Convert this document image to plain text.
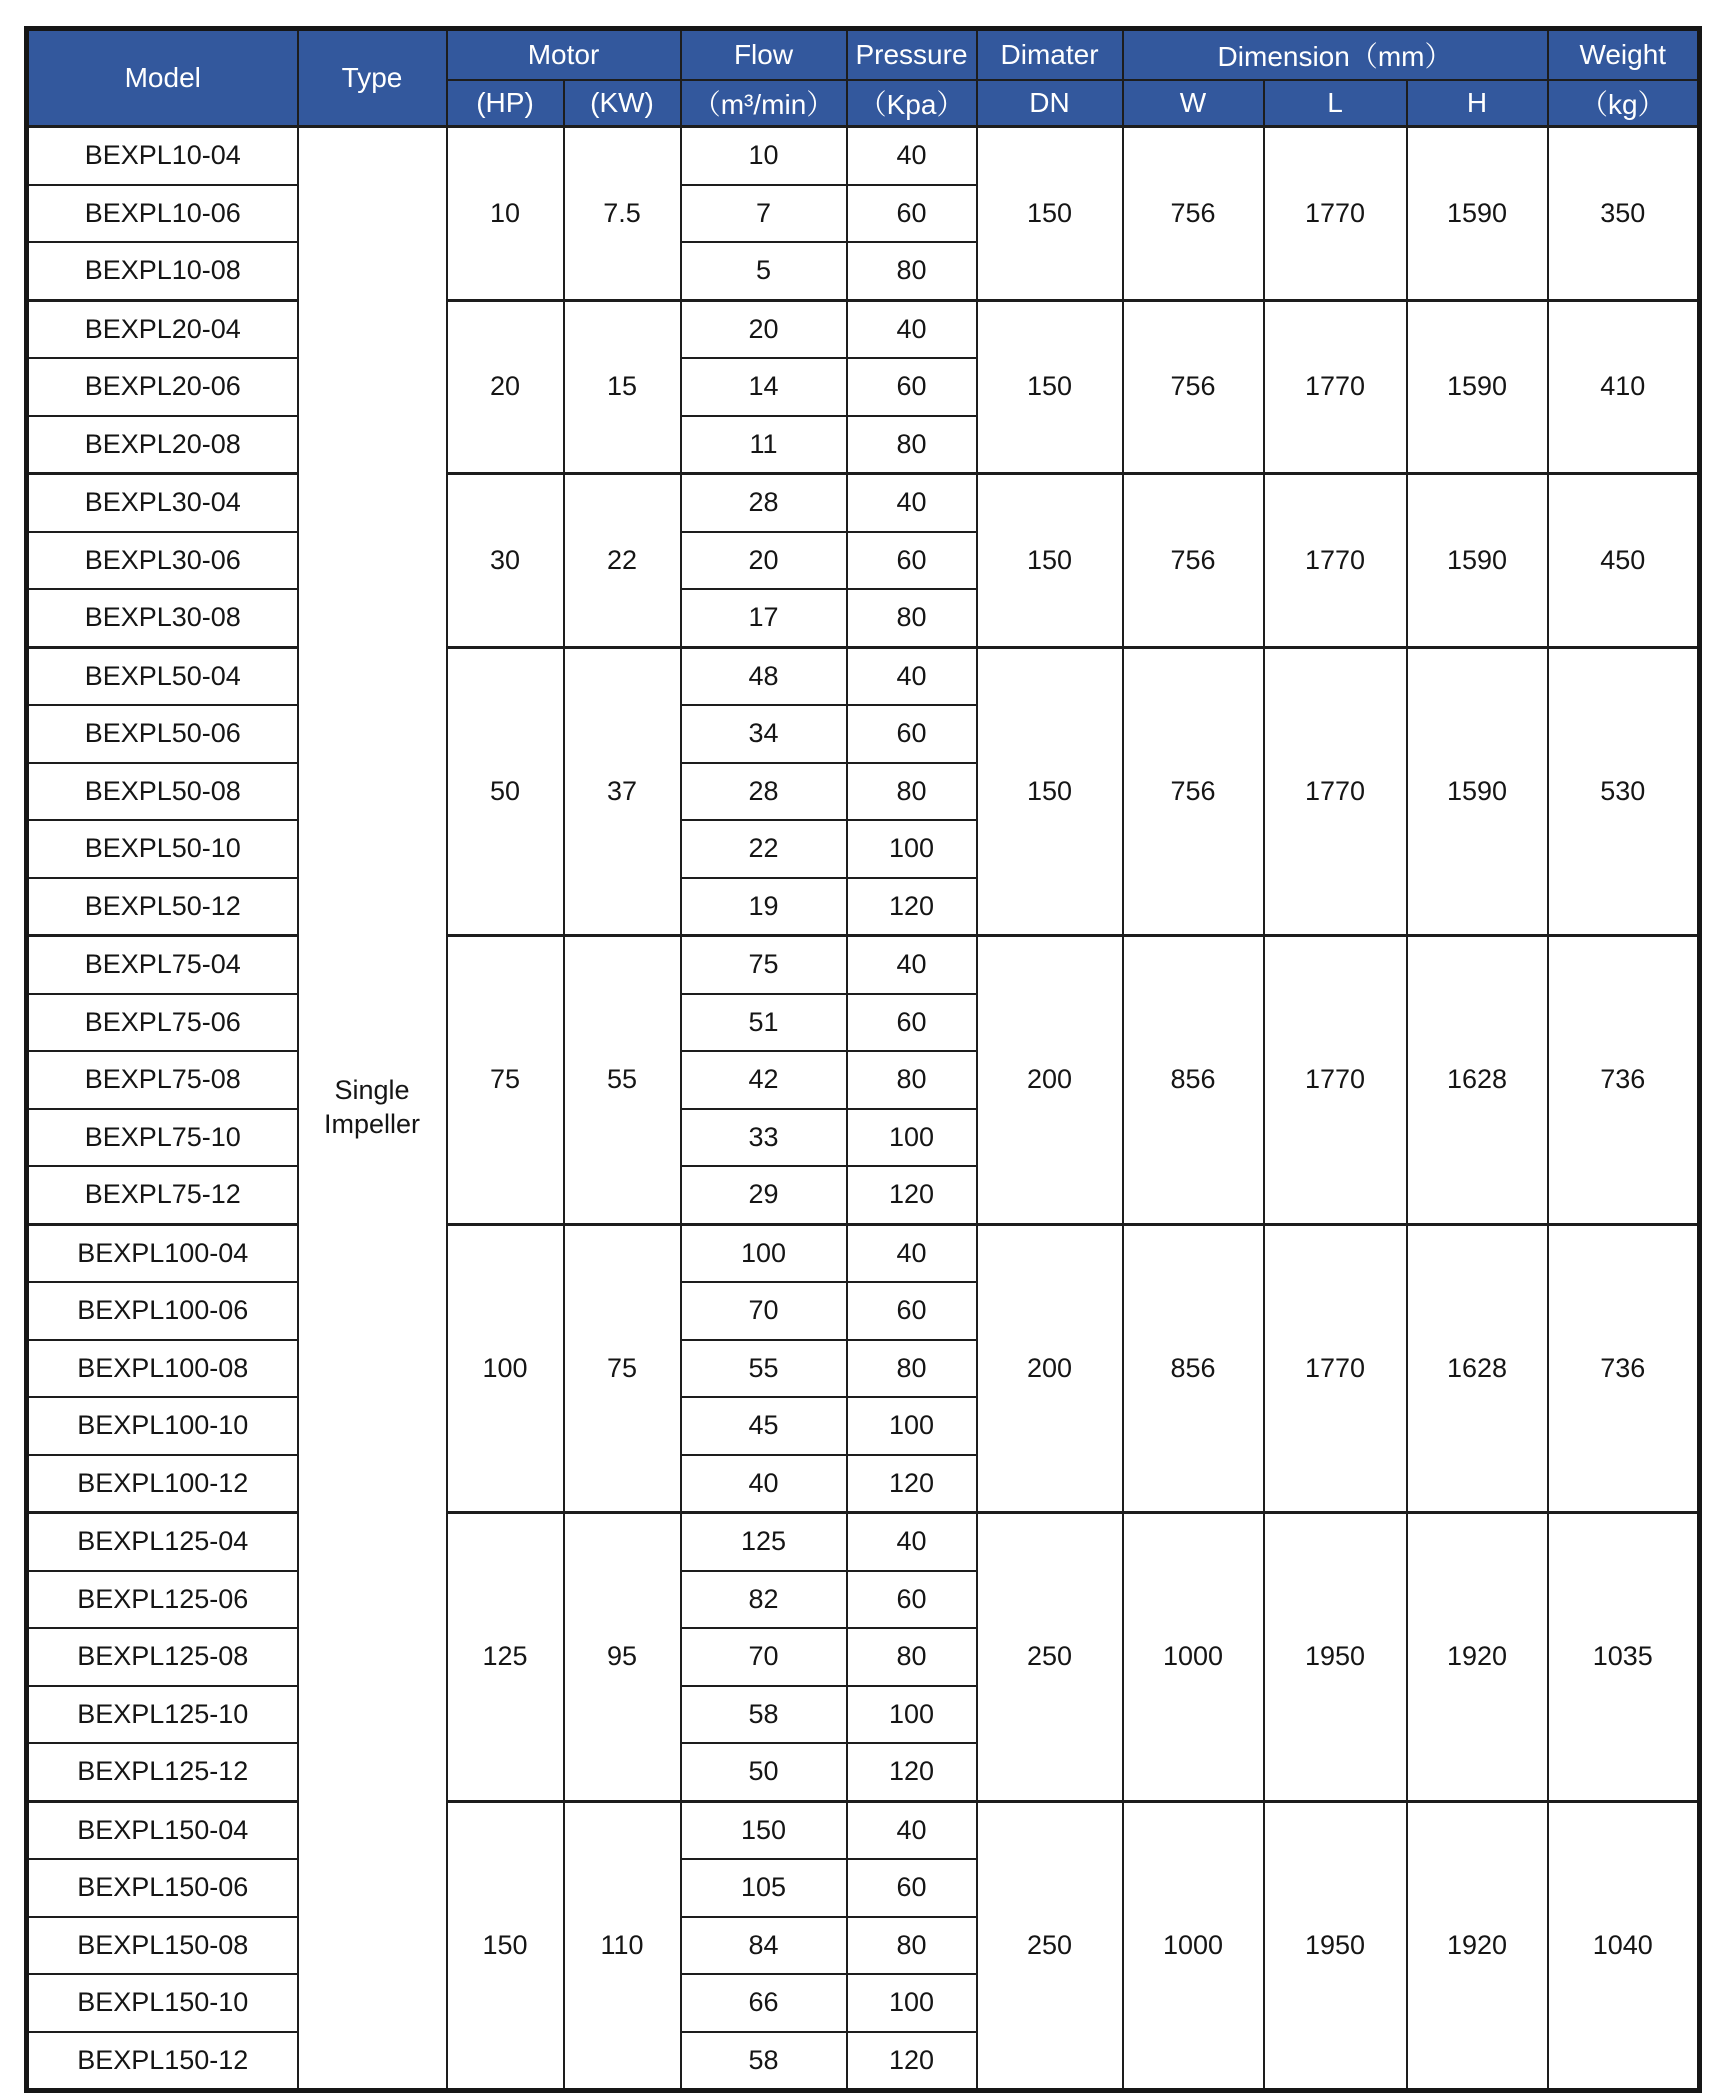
Model	Type	Motor		Flow	Pressure	Dimater	Dimension（mm）			Weight
		(HP)	(KW)	（m³/min）	（Kpa）	DN	W	L	H	（kg）
BEXPL10-04	Single Impeller	10	7.5	10	40	150	756	1770	1590	350
BEXPL10-06				7	60					
BEXPL10-08				5	80					
BEXPL20-04		20	15	20	40	150	756	1770	1590	410
BEXPL20-06				14	60					
BEXPL20-08				11	80					
BEXPL30-04		30	22	28	40	150	756	1770	1590	450
BEXPL30-06				20	60					
BEXPL30-08				17	80					
BEXPL50-04		50	37	48	40	150	756	1770	1590	530
BEXPL50-06				34	60					
BEXPL50-08				28	80					
BEXPL50-10				22	100					
BEXPL50-12				19	120					
BEXPL75-04		75	55	75	40	200	856	1770	1628	736
BEXPL75-06				51	60					
BEXPL75-08				42	80					
BEXPL75-10				33	100					
BEXPL75-12				29	120					
BEXPL100-04		100	75	100	40	200	856	1770	1628	736
BEXPL100-06				70	60					
BEXPL100-08				55	80					
BEXPL100-10				45	100					
BEXPL100-12				40	120					
BEXPL125-04		125	95	125	40	250	1000	1950	1920	1035
BEXPL125-06				82	60					
BEXPL125-08				70	80					
BEXPL125-10				58	100					
BEXPL125-12				50	120					
BEXPL150-04		150	110	150	40	250	1000	1950	1920	1040
BEXPL150-06				105	60					
BEXPL150-08				84	80					
BEXPL150-10				66	100					
BEXPL150-12				58	120					
